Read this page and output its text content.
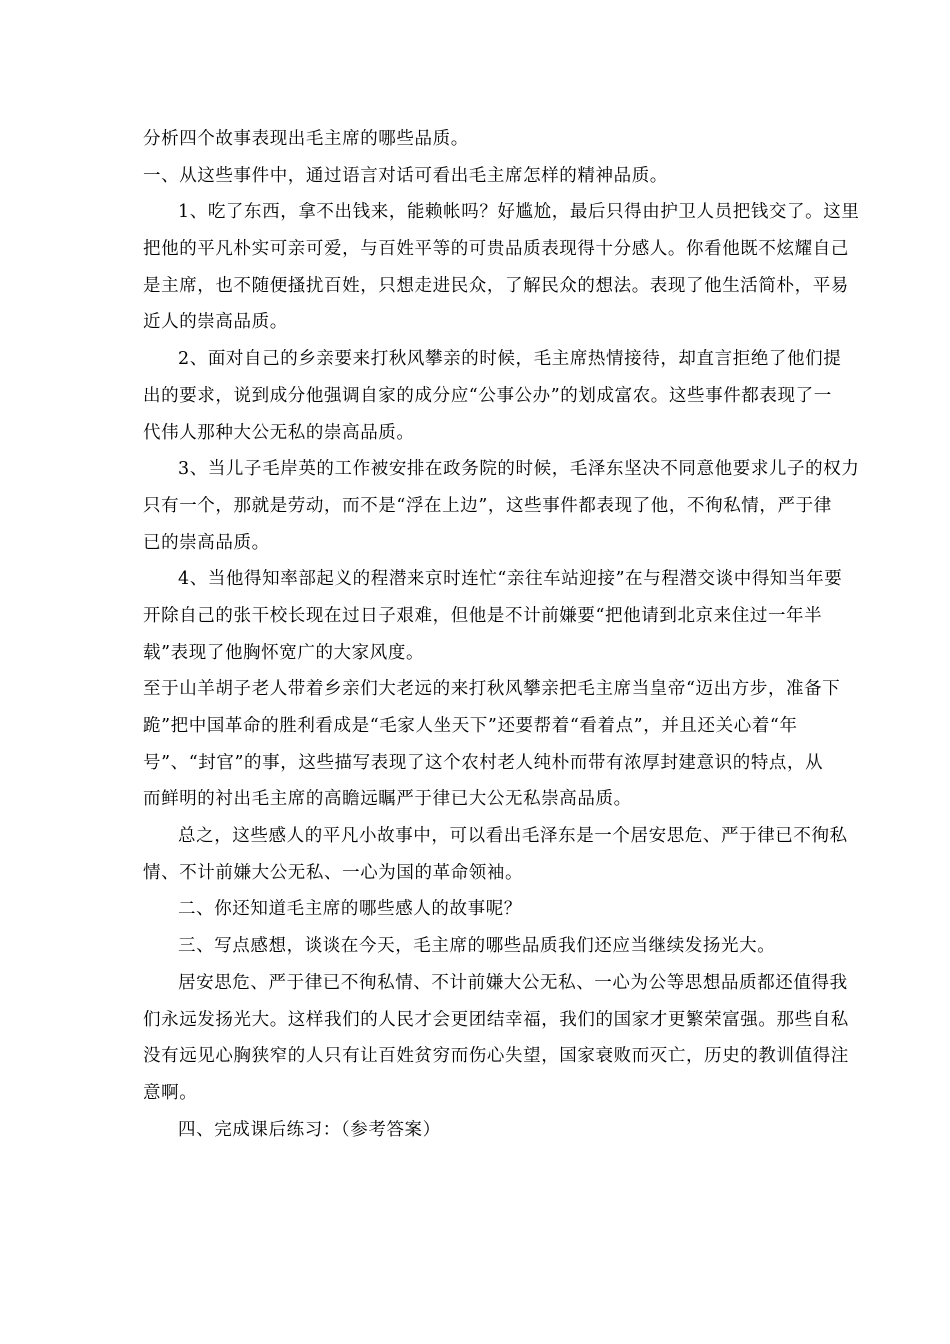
分析四个故事表现出毛主席的哪些品质。
一、从这些事件中，通过语言对话可看出毛主席怎样的精神品质。
1、吃了东西，拿不出钱来，能赖帐吗？好尴尬，最后只得由护卫人员把钱交了。这里
把他的平凡朴实可亲可爱，与百姓平等的可贵品质表现得十分感人。你看他既不炫耀自己
是主席，也不随便搔扰百姓，只想走进民众，了解民众的想法。表现了他生活简朴，平易
近人的崇高品质。
2、面对自己的乡亲要来打秋风攀亲的时候，毛主席热情接待，却直言拒绝了他们提
出的要求，说到成分他强调自家的成分应“公事公办”的划成富农。这些事件都表现了一
代伟人那种大公无私的崇高品质。
3、当儿子毛岸英的工作被安排在政务院的时候，毛泽东坚决不同意他要求儿子的权力
只有一个，那就是劳动，而不是“浮在上边”，这些事件都表现了他，不徇私情，严于律
已的崇高品质。
4、当他得知率部起义的程潜来京时连忙“亲往车站迎接”在与程潜交谈中得知当年要
开除自己的张干校长现在过日子艰难，但他是不计前嫌要“把他请到北京来住过一年半
载”表现了他胸怀宽广的大家风度。
至于山羊胡子老人带着乡亲们大老远的来打秋风攀亲把毛主席当皇帝“迈出方步，准备下
跪”把中国革命的胜利看成是“毛家人坐天下”还要帮着“看着点”，并且还关心着“年
号”、“封官”的事，这些描写表现了这个农村老人纯朴而带有浓厚封建意识的特点，从
而鲜明的衬出毛主席的高瞻远瞩严于律已大公无私崇高品质。
总之，这些感人的平凡小故事中，可以看出毛泽东是一个居安思危、严于律已不徇私
情、不计前嫌大公无私、一心为国的革命领袖。
二、你还知道毛主席的哪些感人的故事呢？
三、写点感想，谈谈在今天，毛主席的哪些品质我们还应当继续发扬光大。
居安思危、严于律已不徇私情、不计前嫌大公无私、一心为公等思想品质都还值得我
们永远发扬光大。这样我们的人民才会更团结幸福，我们的国家才更繁荣富强。那些自私
没有远见心胸狭窄的人只有让百姓贫穷而伤心失望，国家衰败而灭亡，历史的教训值得注
意啊。
四、完成课后练习：（参考答案）
